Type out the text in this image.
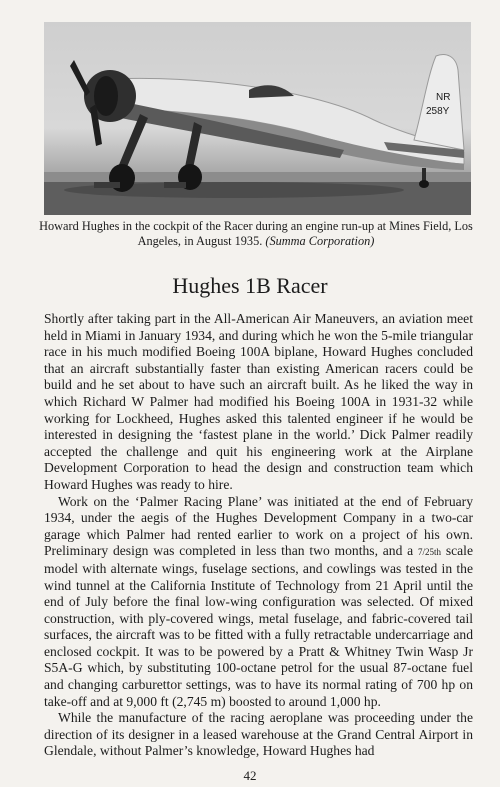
NR
258Y
Howard Hughes in the cockpit of the Racer during an engine run-up at Mines Field, Los Angeles, in August 1935. (Summa Corporation)
Hughes 1B Racer

Shortly after taking part in the All-American Air Maneuvers, an aviation meet held in Miami in January 1934, and during which he won the 5-mile triangular race in his much modified Boeing 100A biplane, Howard Hughes concluded that an aircraft substantially faster than existing American racers could be build and he set about to have such an aircraft built. As he liked the way in which Richard W Palmer had modified his Boeing 100A in 1931-32 while working for Lockheed, Hughes asked this talented engineer if he would be interested in designing the ‘fastest plane in the world.’ Dick Palmer readily accepted the challenge and quit his engineering work at the Airplane Development Corporation to head the design and construction team which Howard Hughes was ready to hire.

Work on the ‘Palmer Racing Plane’ was initiated at the end of February 1934, under the aegis of the Hughes Development Company in a two-car garage which Palmer had rented earlier to work on a project of his own. Preliminary design was completed in less than two months, and a 7/25th scale model with alternate wings, fuselage sections, and cowlings was tested in the wind tunnel at the California Institute of Technology from 21 April until the end of July before the final low-wing configuration was selected. Of mixed construction, with ply-covered wings, metal fuselage, and fabric-covered tail surfaces, the aircraft was to be fitted with a fully retractable undercarriage and enclosed cockpit. It was to be powered by a Pratt & Whitney Twin Wasp Jr S5A-G which, by substituting 100-octane petrol for the usual 87-octane fuel and changing carburettor settings, was to have its normal rating of 700 hp on take-off and at 9,000 ft (2,745 m) boosted to around 1,000 hp.

While the manufacture of the racing aeroplane was proceeding under the direction of its designer in a leased warehouse at the Grand Central Airport in Glendale, without Palmer’s knowledge, Howard Hughes had

42
